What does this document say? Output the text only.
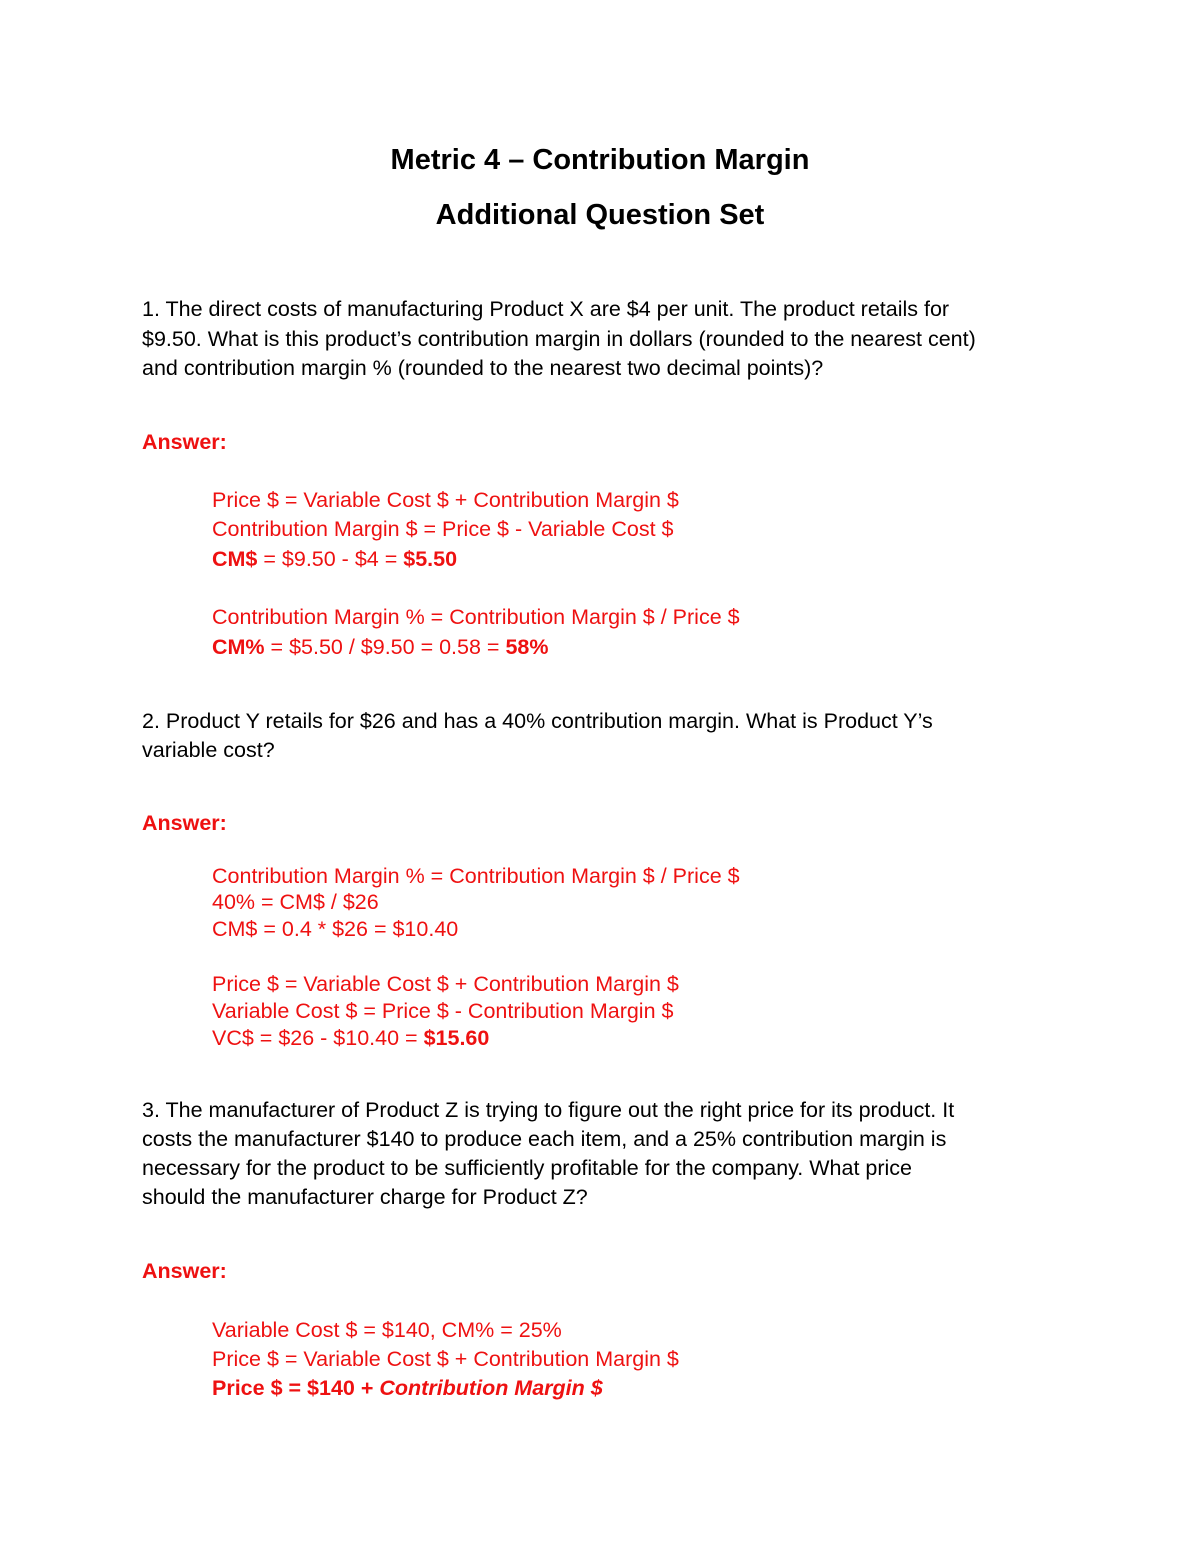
Metric 4 – Contribution Margin
Additional Question Set
1. The direct costs of manufacturing Product X are $4 per unit. The product retails for
$9.50. What is this product’s contribution margin in dollars (rounded to the nearest cent)
and contribution margin % (rounded to the nearest two decimal points)?
Answer:
Price $ = Variable Cost $ + Contribution Margin $
Contribution Margin $ = Price $ - Variable Cost $
CM$ = $9.50 - $4 = $5.50
Contribution Margin % = Contribution Margin $ / Price $
CM% = $5.50 / $9.50 = 0.58 = 58%
2. Product Y retails for $26 and has a 40% contribution margin. What is Product Y’s
variable cost?
Answer:
Contribution Margin % = Contribution Margin $ / Price $
40% = CM$ / $26
CM$ = 0.4 * $26 = $10.40
Price $ = Variable Cost $ + Contribution Margin $
Variable Cost $ = Price $ - Contribution Margin $
VC$ = $26 - $10.40 = $15.60
3. The manufacturer of Product Z is trying to figure out the right price for its product. It
costs the manufacturer $140 to produce each item, and a 25% contribution margin is
necessary for the product to be sufficiently profitable for the company. What price
should the manufacturer charge for Product Z?
Answer:
Variable Cost $ = $140, CM% = 25%
Price $ = Variable Cost $ + Contribution Margin $
Price $ = $140 + Contribution Margin $
